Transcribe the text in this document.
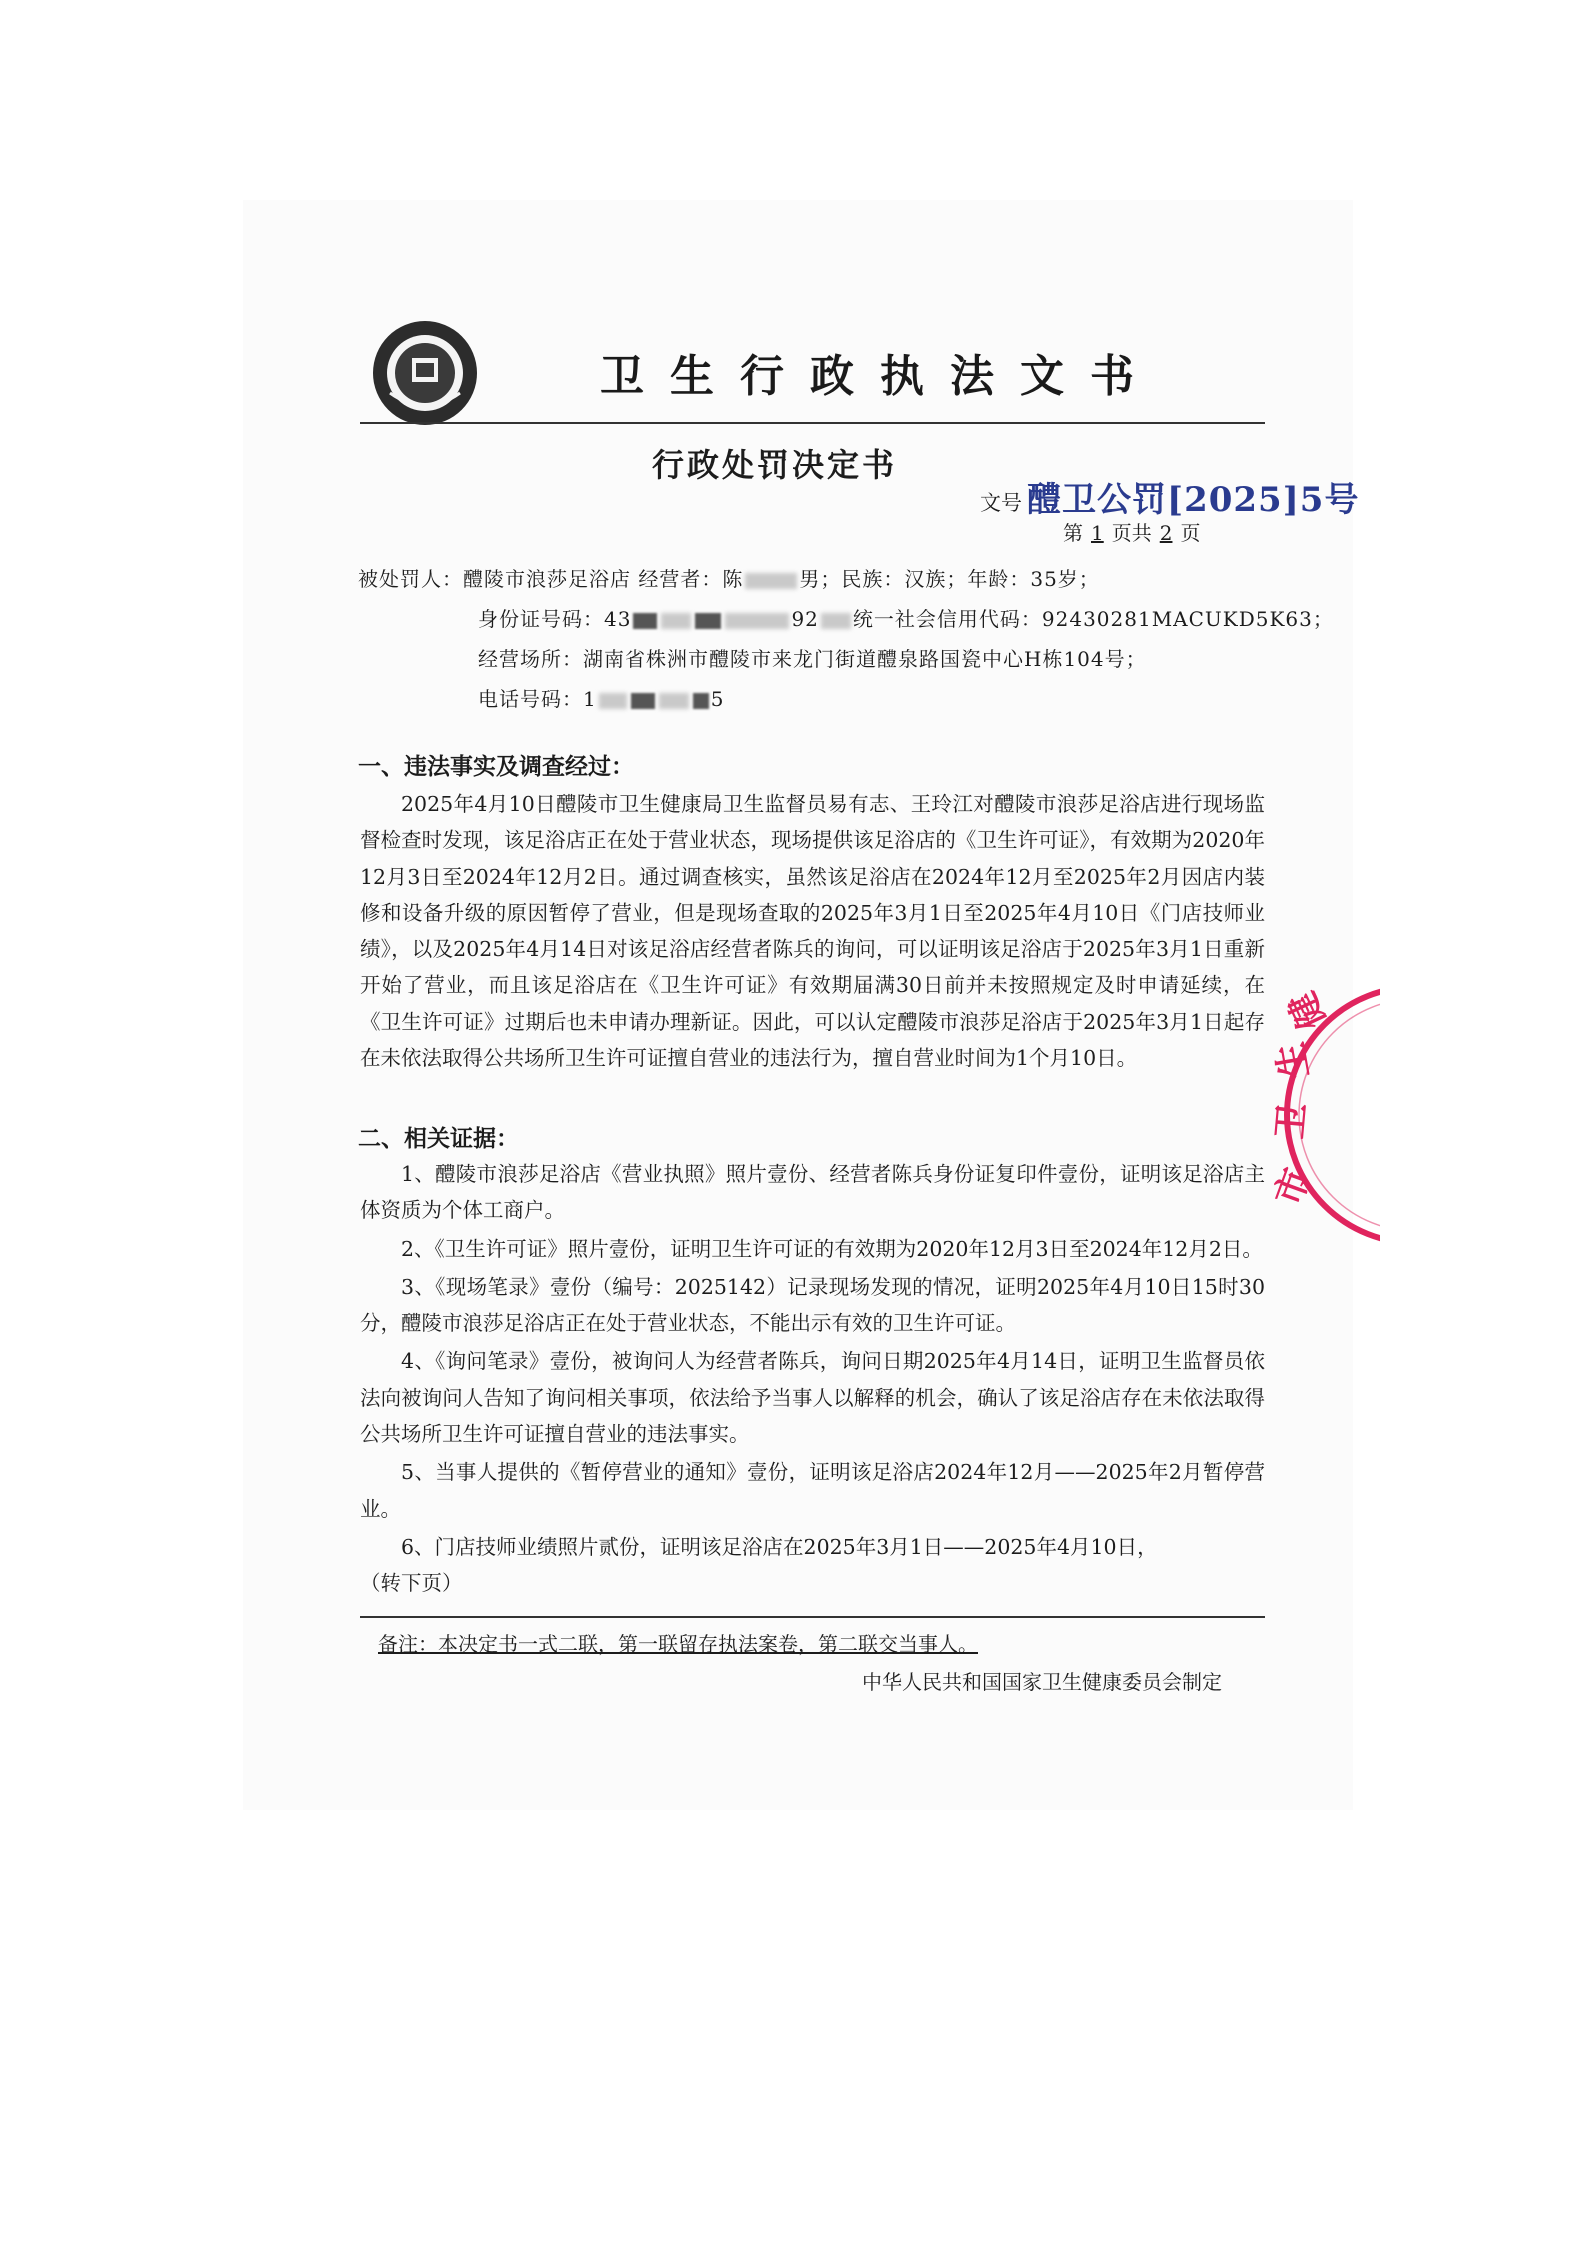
卫生行政执法文书
行政处罚决定书
文号 醴卫公罚[2025]5号
第 1 页共 2 页
被处罚人：醴陵市浪莎足浴店 经营者：陈	男；民族：汉族；年龄：35岁；
身份证号码：43	92 统一社会信用代码：92430281MACUKD5K63；
经营场所：湖南省株洲市醴陵市来龙门街道醴泉路国瓷中心H栋104号；
电话号码：1	5
一、违法事实及调查经过：

2025年4月10日醴陵市卫生健康局卫生监督员易有志、王玲江对醴陵市浪莎足浴店进行现场监督检查时发现，该足浴店正在处于营业状态，现场提供该足浴店的《卫生许可证》，有效期为2020年12月3日至2024年12月2日。通过调查核实，虽然该足浴店在2024年12月至2025年2月因店内装修和设备升级的原因暂停了营业，但是现场查取的2025年3月1日至2025年4月10日《门店技师业绩》，以及2025年4月14日对该足浴店经营者陈兵的询问，可以证明该足浴店于2025年3月1日重新开始了营业，而且该足浴店在《卫生许可证》有效期届满30日前并未按照规定及时申请延续，在《卫生许可证》过期后也未申请办理新证。因此，可以认定醴陵市浪莎足浴店于2025年3月1日起存在未依法取得公共场所卫生许可证擅自营业的违法行为，擅自营业时间为1个月10日。

二、相关证据：

1、醴陵市浪莎足浴店《营业执照》照片壹份、经营者陈兵身份证复印件壹份，证明该足浴店主体资质为个体工商户。

2、《卫生许可证》照片壹份，证明卫生许可证的有效期为2020年12月3日至2024年12月2日。

3、《现场笔录》壹份（编号：2025142）记录现场发现的情况，证明2025年4月10日15时30分，醴陵市浪莎足浴店正在处于营业状态，不能出示有效的卫生许可证。

4、《询问笔录》壹份，被询问人为经营者陈兵，询问日期2025年4月14日，证明卫生监督员依法向被询问人告知了询问相关事项，依法给予当事人以解释的机会，确认了该足浴店存在未依法取得公共场所卫生许可证擅自营业的违法事实。

5、当事人提供的《暂停营业的通知》壹份，证明该足浴店2024年12月——2025年2月暂停营业。

6、门店技师业绩照片贰份，证明该足浴店在2025年3月1日——2025年4月10日，

（转下页）
备注：本决定书一式二联，第一联留存执法案卷，第二联交当事人。
中华人民共和国国家卫生健康委员会制定
市
卫
生
健
